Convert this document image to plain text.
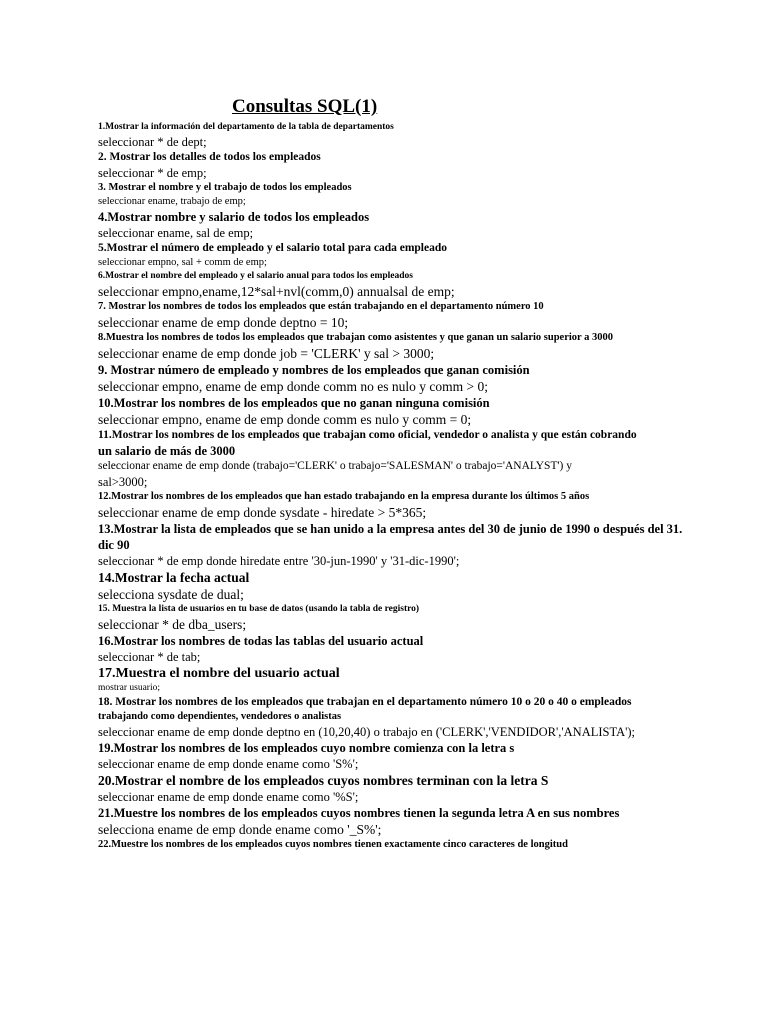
Consultas SQL(1)

1.Mostrar la información del departamento de la tabla de departamentos

seleccionar * de dept;

2. Mostrar los detalles de todos los empleados

seleccionar * de emp;

3. Mostrar el nombre y el trabajo de todos los empleados

seleccionar ename, trabajo de emp;

4.Mostrar nombre y salario de todos los empleados

seleccionar ename, sal de emp;

5.Mostrar el número de empleado y el salario total para cada empleado

seleccionar empno, sal + comm de emp;

6.Mostrar el nombre del empleado y el salario anual para todos los empleados

seleccionar empno,ename,12*sal+nvl(comm,0) annualsal de emp;

7. Mostrar los nombres de todos los empleados que están trabajando en el departamento número 10

seleccionar ename de emp donde deptno = 10;

8.Muestra los nombres de todos los empleados que trabajan como asistentes y que ganan un salario superior a 3000

seleccionar ename de emp donde job = 'CLERK' y sal > 3000;

9. Mostrar número de empleado y nombres de los empleados que ganan comisión

seleccionar empno, ename de emp donde comm no es nulo y comm > 0;

10.Mostrar los nombres de los empleados que no ganan ninguna comisión

seleccionar empno, ename de emp donde comm es nulo y comm = 0;

11.Mostrar los nombres de los empleados que trabajan como oficial, vendedor o analista y que están cobrando

un salario de más de 3000

seleccionar ename de emp donde (trabajo='CLERK' o trabajo='SALESMAN' o trabajo='ANALYST') y

sal>3000;

12.Mostrar los nombres de los empleados que han estado trabajando en la empresa durante los últimos 5 años

seleccionar ename de emp donde sysdate - hiredate > 5*365;

13.Mostrar la lista de empleados que se han unido a la empresa antes del 30 de junio de 1990 o después del 31.

dic 90

seleccionar * de emp donde hiredate entre '30-jun-1990' y '31-dic-1990';

14.Mostrar la fecha actual

selecciona sysdate de dual;

15. Muestra la lista de usuarios en tu base de datos (usando la tabla de registro)

seleccionar * de dba_users;

16.Mostrar los nombres de todas las tablas del usuario actual

seleccionar * de tab;

17.Muestra el nombre del usuario actual

mostrar usuario;

18. Mostrar los nombres de los empleados que trabajan en el departamento número 10 o 20 o 40 o empleados

trabajando como dependientes, vendedores o analistas

seleccionar ename de emp donde deptno en (10,20,40) o trabajo en ('CLERK','VENDIDOR','ANALISTA');

19.Mostrar los nombres de los empleados cuyo nombre comienza con la letra s

seleccionar ename de emp donde ename como 'S%';

20.Mostrar el nombre de los empleados cuyos nombres terminan con la letra S

seleccionar ename de emp donde ename como '%S';

21.Muestre los nombres de los empleados cuyos nombres tienen la segunda letra A en sus nombres

selecciona ename de emp donde ename como '_S%';

22.Muestre los nombres de los empleados cuyos nombres tienen exactamente cinco caracteres de longitud
